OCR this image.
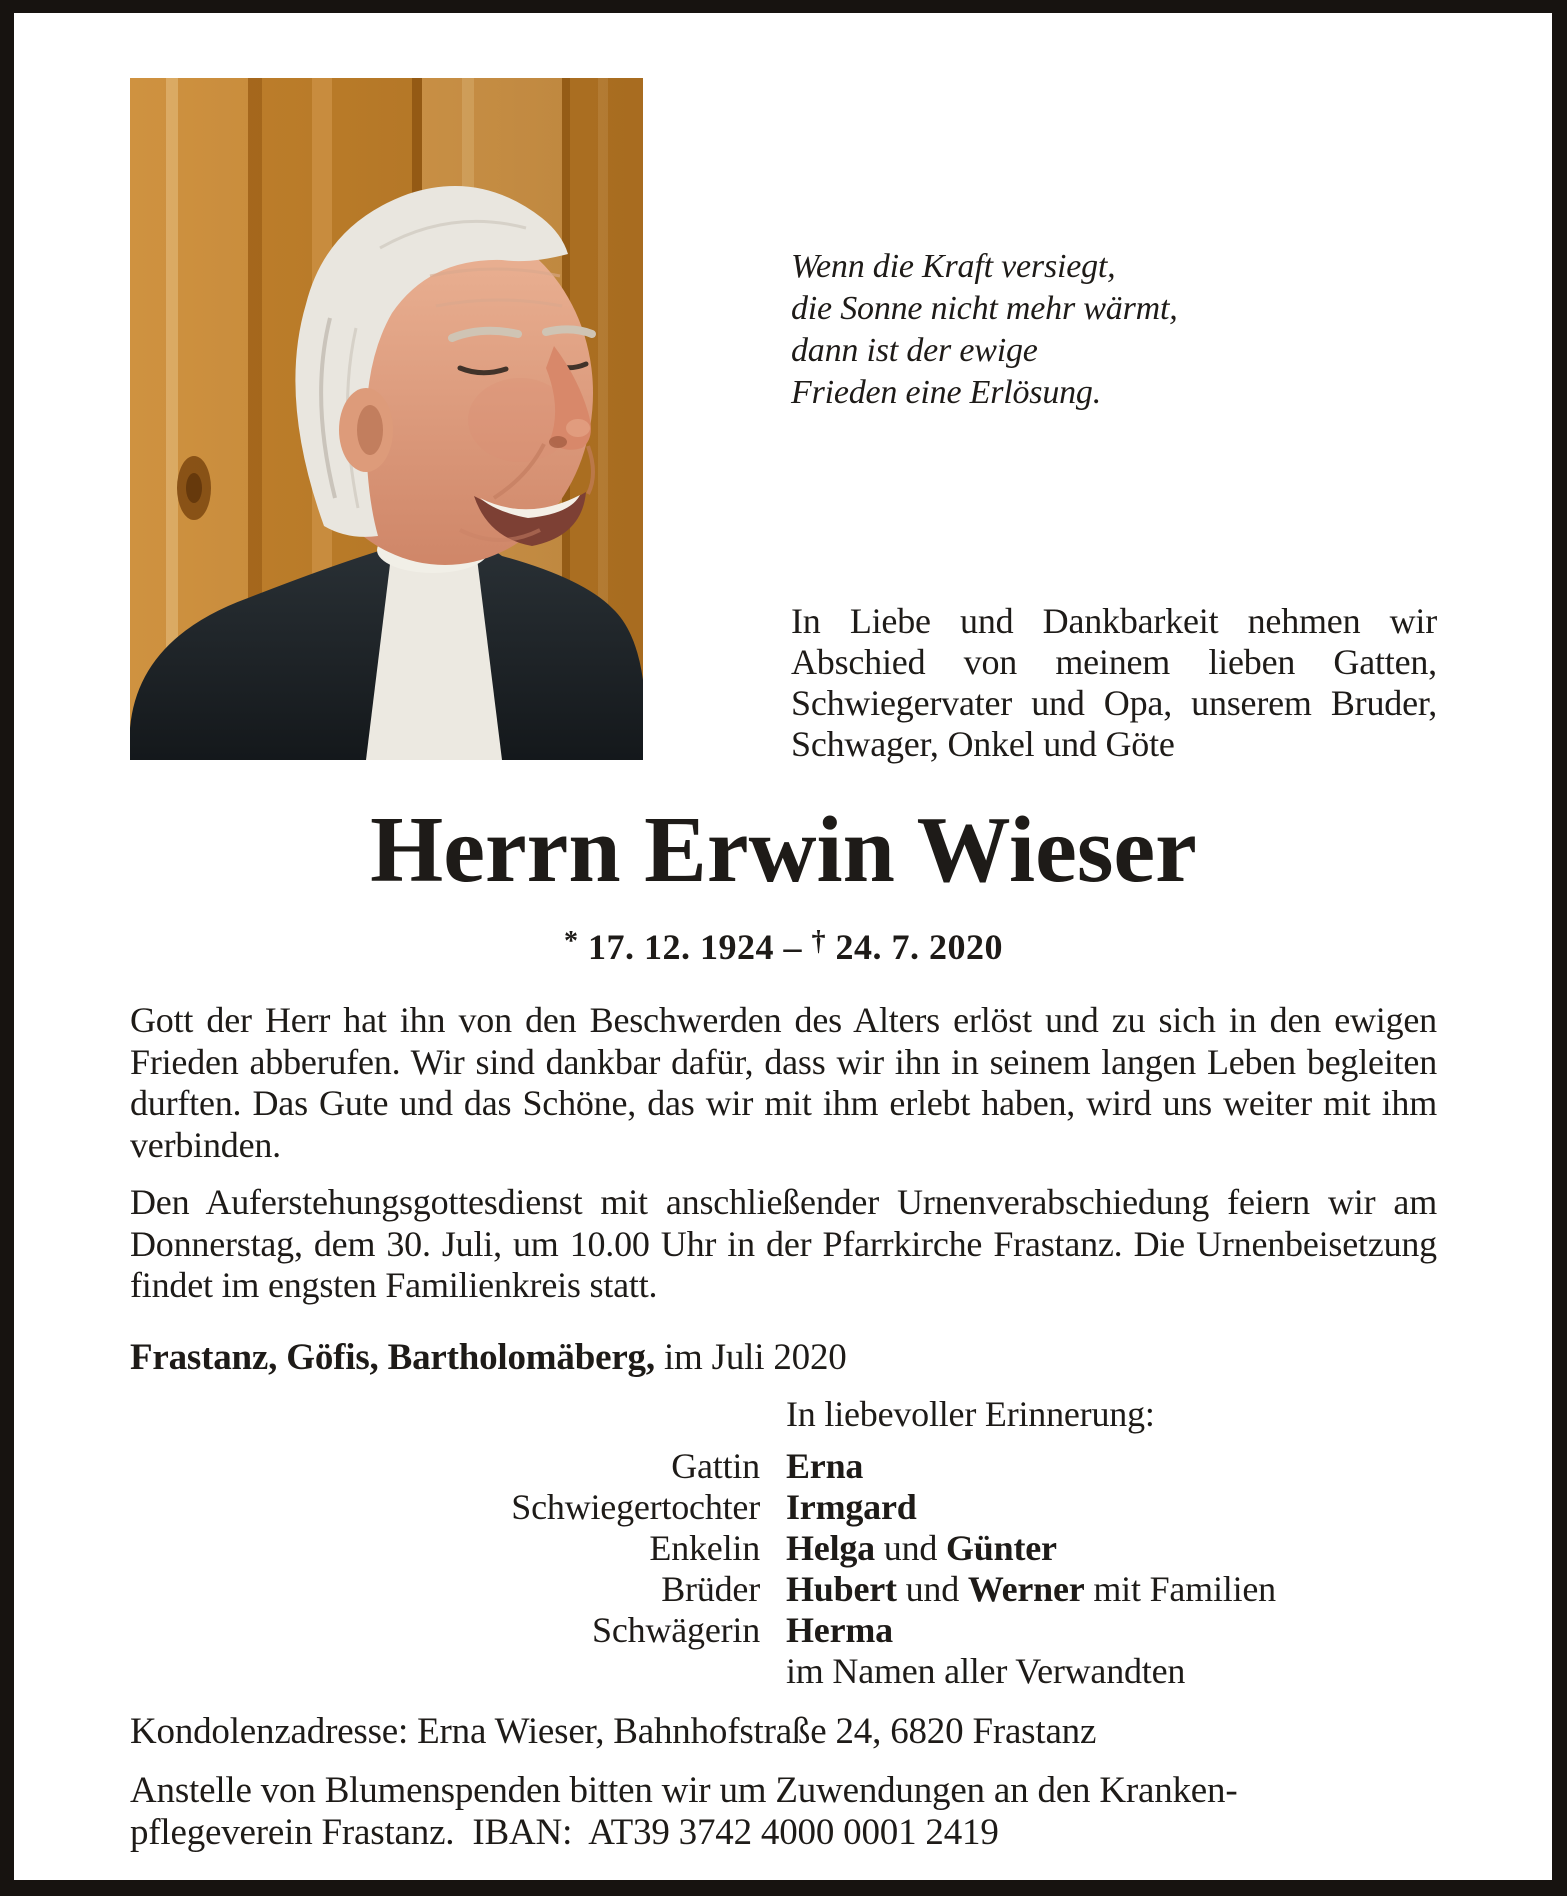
Wenn die Kraft versiegt,
die Sonne nicht mehr wärmt,
dann ist der ewige
Frieden eine Erlösung.
In Liebe und Dankbarkeit nehmen wir Abschied von meinem lieben Gatten, Schwiegervater und Opa, unserem Bruder, Schwager, Onkel und Göte
Herrn Erwin Wieser
* 17. 12. 1924 – † 24. 7. 2020
Gott der Herr hat ihn von den Beschwerden des Alters erlöst und zu sich in den ewigen Frieden abberufen. Wir sind dankbar dafür, dass wir ihn in seinem langen Leben begleiten durften. Das Gute und das Schöne, das wir mit ihm erlebt haben, wird uns weiter mit ihm verbinden.
Den Auferstehungsgottesdienst mit anschließender Urnenverabschiedung feiern wir am Donnerstag, dem 30. Juli, um 10.00 Uhr in der Pfarrkirche Frastanz. Die Urnenbeisetzung findet im engsten Familienkreis statt.
Frastanz, Göfis, Bartholomäberg, im Juli 2020
In liebevoller Erinnerung:
Gattin Erna
Schwiegertochter Irmgard
Enkelin Helga und Günter
Brüder Hubert und Werner mit Familien
Schwägerin Herma
im Namen aller Verwandten
Kondolenzadresse: Erna Wieser, Bahnhofstraße 24, 6820 Frastanz
Anstelle von Blumenspenden bitten wir um Zuwendungen an den Kranken-
pflegeverein Frastanz.  IBAN:  AT39 3742 4000 0001 2419
